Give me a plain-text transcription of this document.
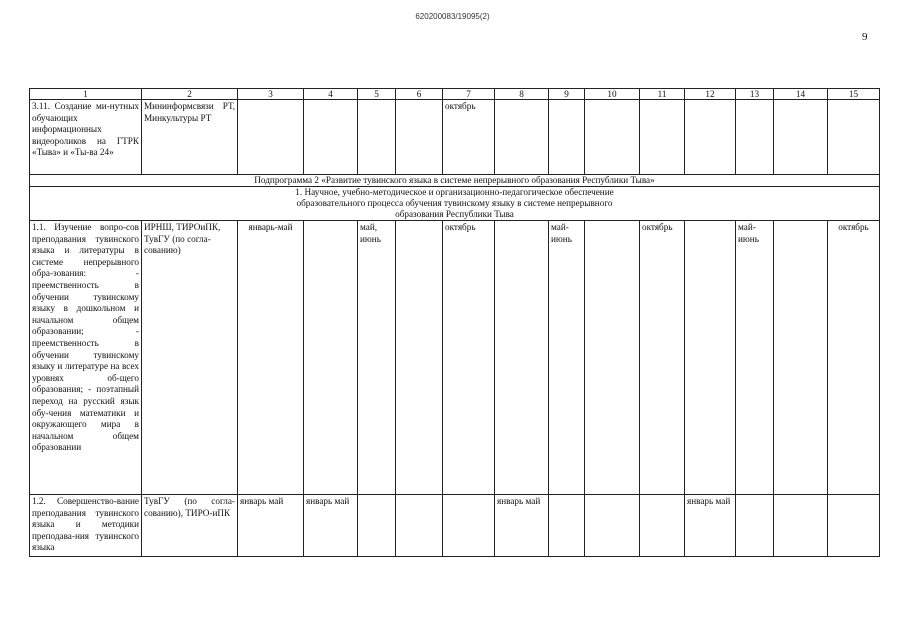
620200083/19095(2)
9
1	2	3	4	5	6	7	8	9	10	11	12	13	14	15
3.11. Создание ми-нутных обучающих информационных видеороликов на ГТРК «Тыва» и «Ты-ва 24»	Мининформсвязи РТ, Минкультуры РТ					октябрь								
Подпрограмма 2 «Развитие тувинского языка в системе непрерывного образования Республики Тыва»														
1. Научное, учебно-методическое и организационно-педагогическое обеспечение образовательного процесса обучения тувинскому языку в системе непрерывного образования Республики Тыва														
1.1. Изучение вопро-сов преподавания тувинского языка и литературы в системе непрерывного обра-зования: - преемственность в обучении тувинскому языку в дошкольном и начальном общем образовании; - преемственность в обучении тувинскому языку и литературе на всех уровнях об-щего образования; - поэтапный переход на русский язык обу-чения математики и окружающего мира в начальном общем образовании	ИРНШ, ТИРОиПК, ТувГУ (по согла-сованию)	январь-май		май, июнь		октябрь		май-июнь		октябрь		май-июнь		октябрь
1.2. Совершенство-вание преподавания тувинского языка и методики преподава-ния тувинского языка	ТувГУ (по согла-сованию), ТИРО-иПК	январь май	январь май				январь май				январь май			
